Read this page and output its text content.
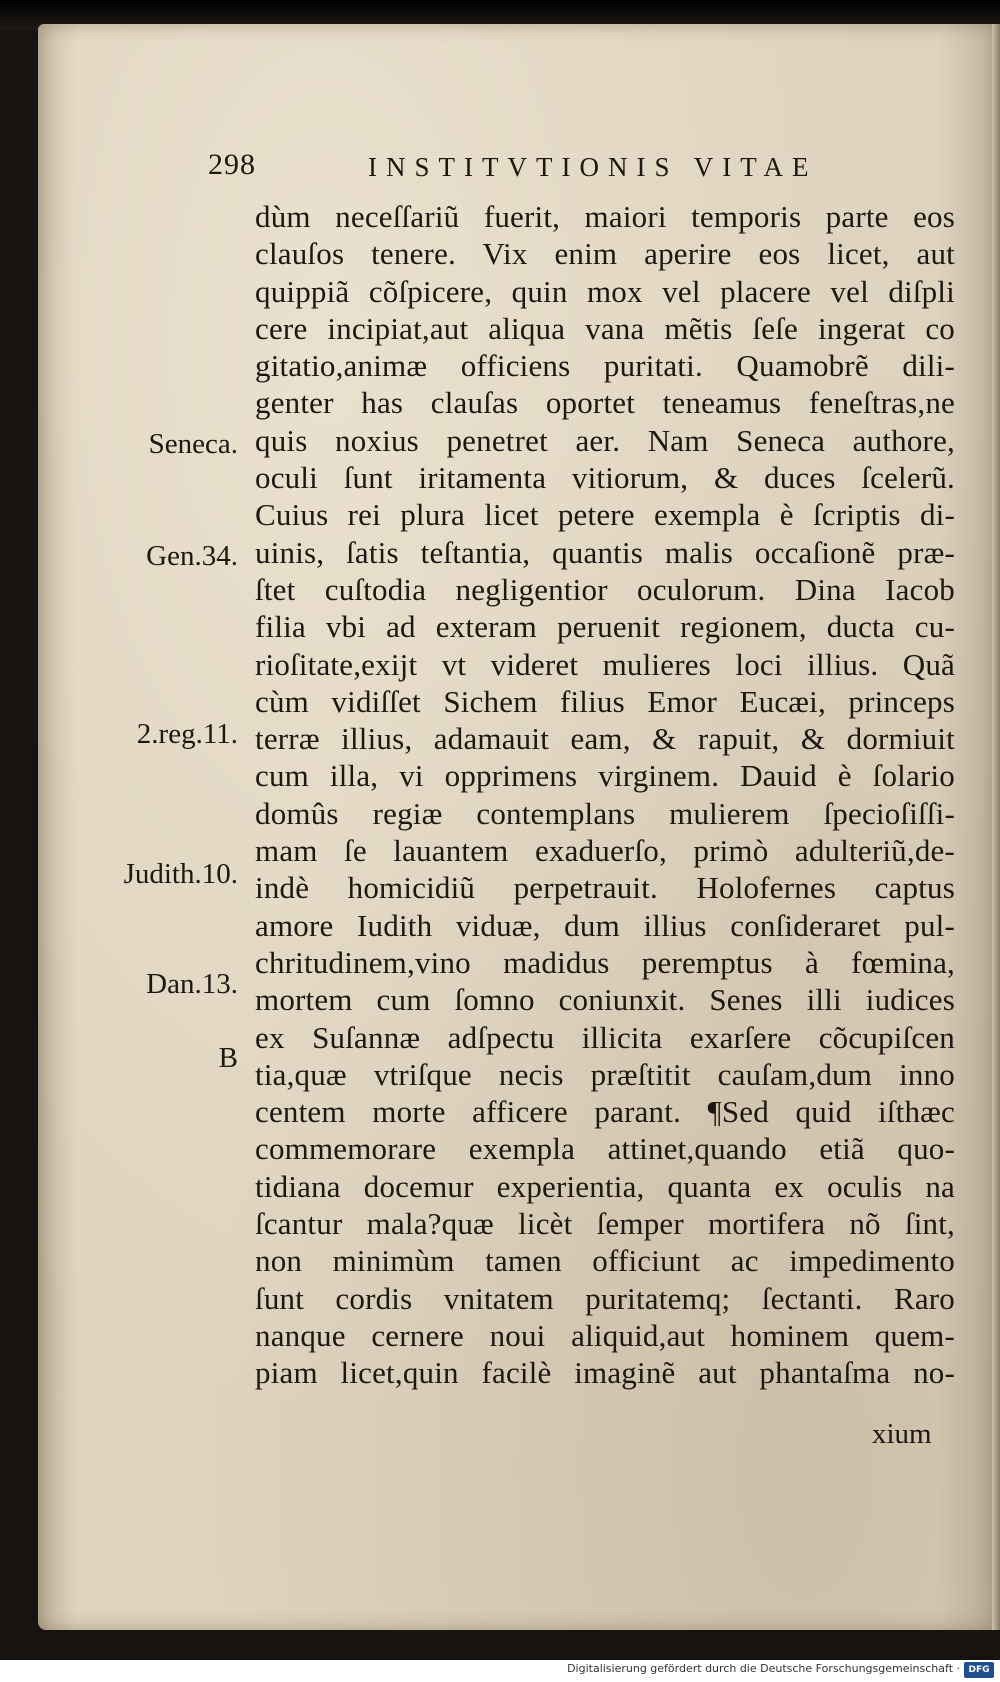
298	INSTITVTIONIS VITAE
Seneca.
Gen.34.
2.reg.11.
Judith.10.
Dan.13.
B
dùm neceſſariũ fuerit, maiori temporis parte eos
clauſos tenere. Vix enim aperire eos licet, aut
quippiã cõſpicere, quin mox vel placere vel diſpli
cere incipiat,aut aliqua vana mẽtis ſeſe ingerat co
gitatio,animæ officiens puritati. Quamobrẽ dili-
genter has clauſas oportet teneamus feneſtras,ne
quis noxius penetret aer. Nam Seneca authore,
oculi ſunt iritamenta vitiorum, & duces ſcelerũ.
Cuius rei plura licet petere exempla è ſcriptis di-
uinis, ſatis teſtantia, quantis malis occaſionẽ præ-
ſtet cuſtodia negligentior oculorum. Dina Iacob
filia vbi ad exteram peruenit regionem, ducta cu-
rioſitate,exijt vt videret mulieres loci illius. Quã
cùm vidiſſet Sichem filius Emor Eucæi, princeps
terræ illius, adamauit eam, & rapuit, & dormiuit
cum illa, vi opprimens virginem. Dauid è ſolario
domûs regiæ contemplans mulierem ſpecioſiſſi-
mam ſe lauantem exaduerſo, primò adulteriũ,de-
indè homicidiũ perpetrauit. Holofernes captus
amore Iudith viduæ, dum illius conſideraret pul-
chritudinem,vino madidus peremptus à fœmina,
mortem cum ſomno coniunxit. Senes illi iudices
ex Suſannæ adſpectu illicita exarſere cõcupiſcen
tia,quæ vtriſque necis præſtitit cauſam,dum inno
centem morte afficere parant. ¶Sed quid iſthæc
commemorare exempla attinet,quando etiã quo-
tidiana docemur experientia, quanta ex oculis na
ſcantur mala?quæ licèt ſemper mortifera nõ ſint,
non minimùm tamen officiunt ac impedimento
ſunt cordis vnitatem puritatemq; ſectanti. Raro
nanque cernere noui aliquid,aut hominem quem-
piam licet,quin facilè imaginẽ aut phantaſma no-
xium
Digitalisierung gefördert durch die Deutsche Forschungsgemeinschaft · DFG
